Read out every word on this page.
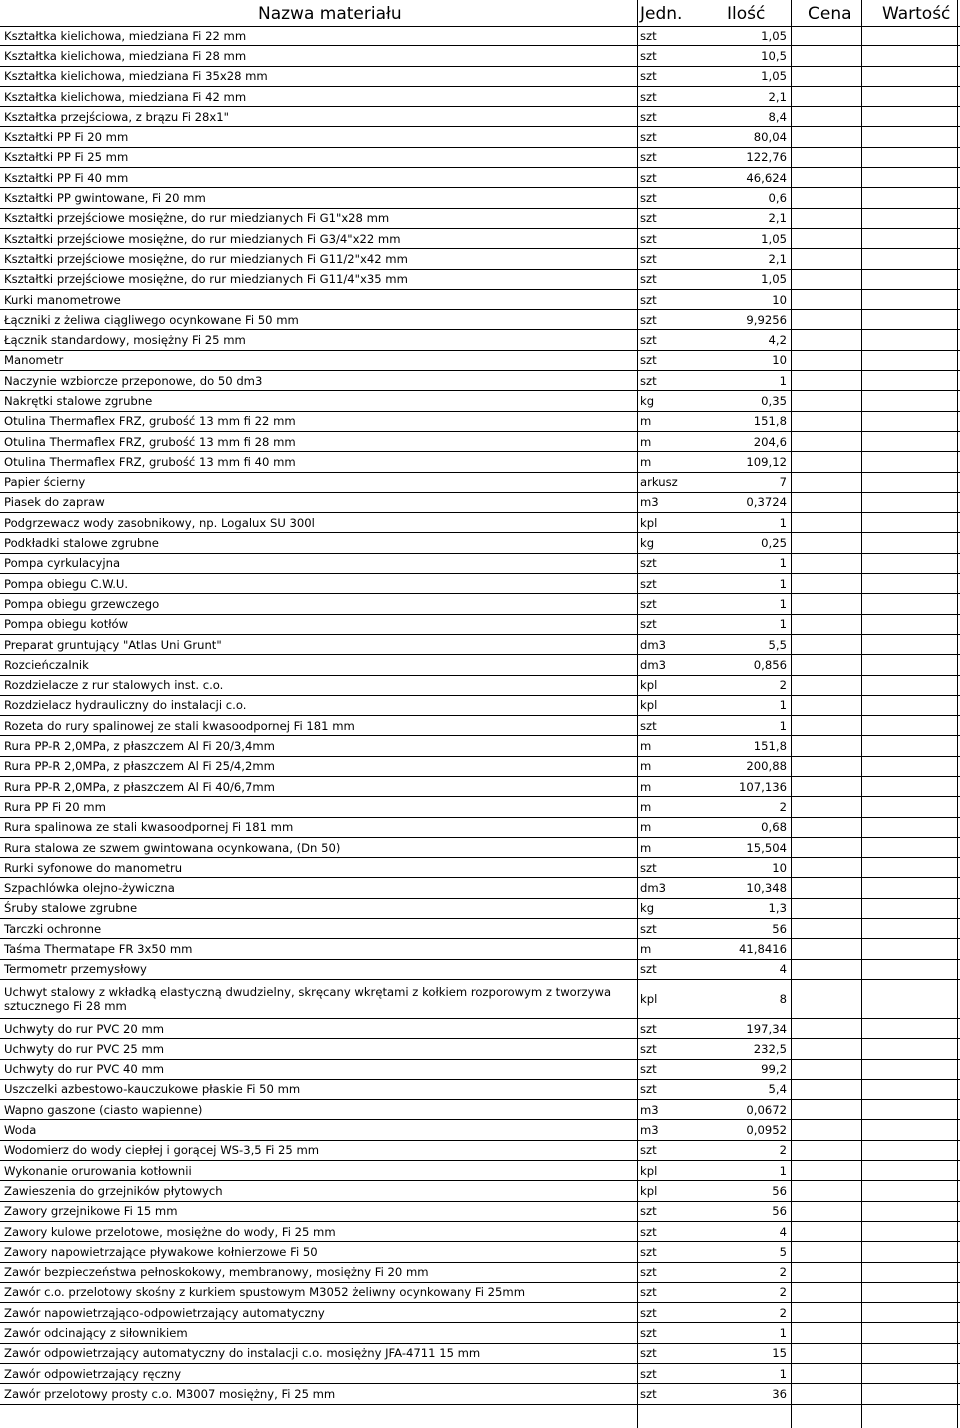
Nazwa materiału	Jedn.	Ilość	Cena Wartość
Kształtka kielichowa, miedziana Fi 22 mm	szt	1,05		
Kształtka kielichowa, miedziana Fi 28 mm	szt	10,5		
Kształtka kielichowa, miedziana Fi 35x28 mm	szt	1,05		
Kształtka kielichowa, miedziana Fi 42 mm	szt	2,1		
Kształtka przejściowa, z brązu Fi 28x1"	szt	8,4		
Kształtki PP Fi 20 mm	szt	80,04		
Kształtki PP Fi 25 mm	szt	122,76		
Kształtki PP Fi 40 mm	szt	46,624		
Kształtki PP gwintowane, Fi 20 mm	szt	0,6		
Kształtki przejściowe mosiężne, do rur miedzianych Fi G1"x28 mm	szt	2,1		
Kształtki przejściowe mosiężne, do rur miedzianych Fi G3/4"x22 mm	szt	1,05		
Kształtki przejściowe mosiężne, do rur miedzianych Fi G11/2"x42 mm	szt	2,1		
Kształtki przejściowe mosiężne, do rur miedzianych Fi G11/4"x35 mm	szt	1,05		
Kurki manometrowe	szt	10		
Łączniki z żeliwa ciągliwego ocynkowane Fi 50 mm	szt	9,9256		
Łącznik standardowy, mosiężny Fi 25 mm	szt	4,2		
Manometr	szt	10		
Naczynie wzbiorcze przeponowe, do 50 dm3	szt	1		
Nakrętki stalowe zgrubne	kg	0,35		
Otulina Thermaflex FRZ, grubość 13 mm fi 22 mm	m	151,8		
Otulina Thermaflex FRZ, grubość 13 mm fi 28 mm	m	204,6		
Otulina Thermaflex FRZ, grubość 13 mm fi 40 mm	m	109,12		
Papier ścierny	arkusz	7		
Piasek do zapraw	m3	0,3724		
Podgrzewacz wody zasobnikowy, np. Logalux SU 300l	kpl	1		
Podkładki stalowe zgrubne	kg	0,25		
Pompa cyrkulacyjna	szt	1		
Pompa obiegu C.W.U.	szt	1		
Pompa obiegu grzewczego	szt	1		
Pompa obiegu kotłów	szt	1		
Preparat gruntujący "Atlas Uni Grunt"	dm3	5,5		
Rozcieńczalnik	dm3	0,856		
Rozdzielacze z rur stalowych inst. c.o.	kpl	2		
Rozdzielacz hydrauliczny do instalacji c.o.	kpl	1		
Rozeta do rury spalinowej ze stali kwasoodpornej Fi 181 mm	szt	1		
Rura PP-R 2,0MPa, z płaszczem Al Fi 20/3,4mm	m	151,8		
Rura PP-R 2,0MPa, z płaszczem Al Fi 25/4,2mm	m	200,88		
Rura PP-R 2,0MPa, z płaszczem Al Fi 40/6,7mm	m	107,136		
Rura PP Fi 20 mm	m	2		
Rura spalinowa ze stali kwasoodpornej Fi 181 mm	m	0,68		
Rura stalowa ze szwem gwintowana ocynkowana, (Dn 50)	m	15,504		
Rurki syfonowe do manometru	szt	10		
Szpachlówka olejno-żywiczna	dm3	10,348		
Śruby stalowe zgrubne	kg	1,3		
Tarczki ochronne	szt	56		
Taśma Thermatape FR 3x50 mm	m	41,8416		
Termometr przemysłowy	szt	4		
Uchwyt stalowy z wkładką elastyczną dwudzielny, skręcany wkrętami z kołkiem rozporowym z tworzywa sztucznego Fi 28 mm	kpl	8		
Uchwyty do rur PVC 20 mm	szt	197,34		
Uchwyty do rur PVC 25 mm	szt	232,5		
Uchwyty do rur PVC 40 mm	szt	99,2		
Uszczelki azbestowo-kauczukowe płaskie Fi 50 mm	szt	5,4		
Wapno gaszone (ciasto wapienne)	m3	0,0672		
Woda	m3	0,0952		
Wodomierz do wody ciepłej i gorącej WS-3,5 Fi 25 mm	szt	2		
Wykonanie orurowania kotłownii	kpl	1		
Zawieszenia do grzejników płytowych	kpl	56		
Zawory grzejnikowe Fi 15 mm	szt	56		
Zawory kulowe przelotowe, mosiężne do wody, Fi 25 mm	szt	4		
Zawory napowietrzające pływakowe kołnierzowe Fi 50	szt	5		
Zawór bezpieczeństwa pełnoskokowy, membranowy, mosiężny Fi 20 mm	szt	2		
Zawór c.o. przelotowy skośny z kurkiem spustowym M3052 żeliwny ocynkowany Fi 25mm	szt	2		
Zawór napowietrząjąco-odpowietrzający automatyczny	szt	2		
Zawór odcinający z siłownikiem	szt	1		
Zawór odpowietrzający automatyczny do instalacji c.o. mosiężny JFA-4711 15 mm	szt	15		
Zawór odpowietrzający ręczny	szt	1		
Zawór przelotowy prosty c.o. M3007 mosiężny, Fi 25 mm	szt	36		
